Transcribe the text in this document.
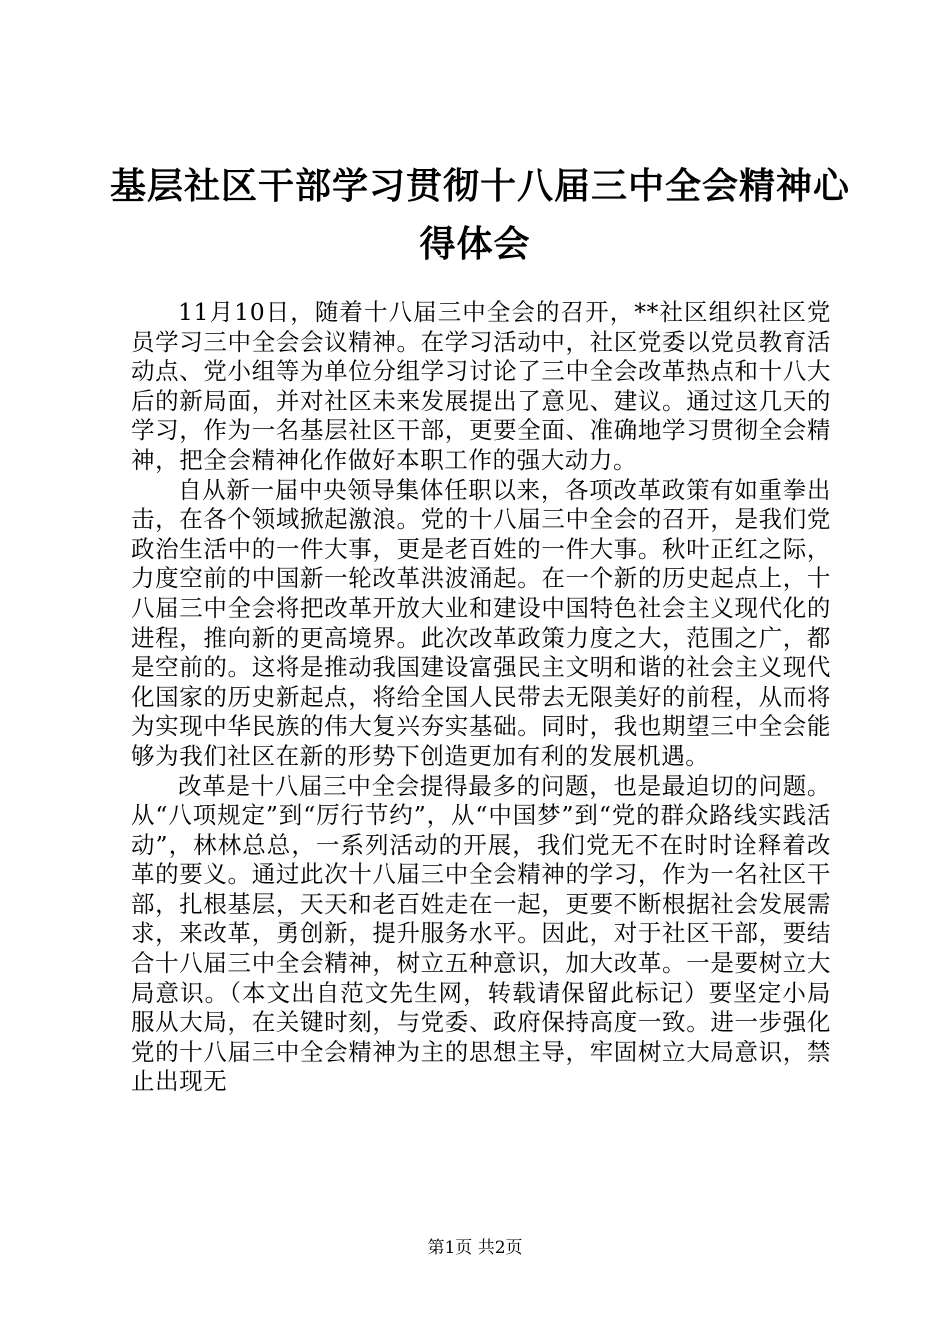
基层社区干部学习贯彻十八届三中全会精神心
得体会

11月10日，随着十八届三中全会的召开，**社区组织社区党员学习三中全会会议精神。在学习活动中，社区党委以党员教育活动点、党小组等为单位分组学习讨论了三中全会改革热点和十八大后的新局面，并对社区未来发展提出了意见、建议。通过这几天的学习，作为一名基层社区干部，更要全面、准确地学习贯彻全会精神，把全会精神化作做好本职工作的强大动力。

自从新一届中央领导集体任职以来，各项改革政策有如重拳出击，在各个领域掀起激浪。党的十八届三中全会的召开，是我们党政治生活中的一件大事，更是老百姓的一件大事。秋叶正红之际，力度空前的中国新一轮改革洪波涌起。在一个新的历史起点上，十八届三中全会将把改革开放大业和建设中国特色社会主义现代化的进程，推向新的更高境界。此次改革政策力度之大，范围之广，都是空前的。这将是推动我国建设富强民主文明和谐的社会主义现代化国家的历史新起点，将给全国人民带去无限美好的前程，从而将为实现中华民族的伟大复兴夯实基础。同时，我也期望三中全会能够为我们社区在新的形势下创造更加有利的发展机遇。

改革是十八届三中全会提得最多的问题，也是最迫切的问题。从“八项规定”到“厉行节约”，从“中国梦”到“党的群众路线实践活动”，林林总总，一系列活动的开展，我们党无不在时时诠释着改革的要义。通过此次十八届三中全会精神的学习，作为一名社区干部，扎根基层，天天和老百姓走在一起，更要不断根据社会发展需求，来改革，勇创新，提升服务水平。因此，对于社区干部，要结合十八届三中全会精神，树立五种意识，加大改革。一是要树立大局意识。（本文出自范文先生网，转载请保留此标记）要坚定小局服从大局，在关键时刻，与党委、政府保持高度一致。进一步强化党的十八届三中全会精神为主的思想主导，牢固树立大局意识，禁止出现无

第1页 共2页
